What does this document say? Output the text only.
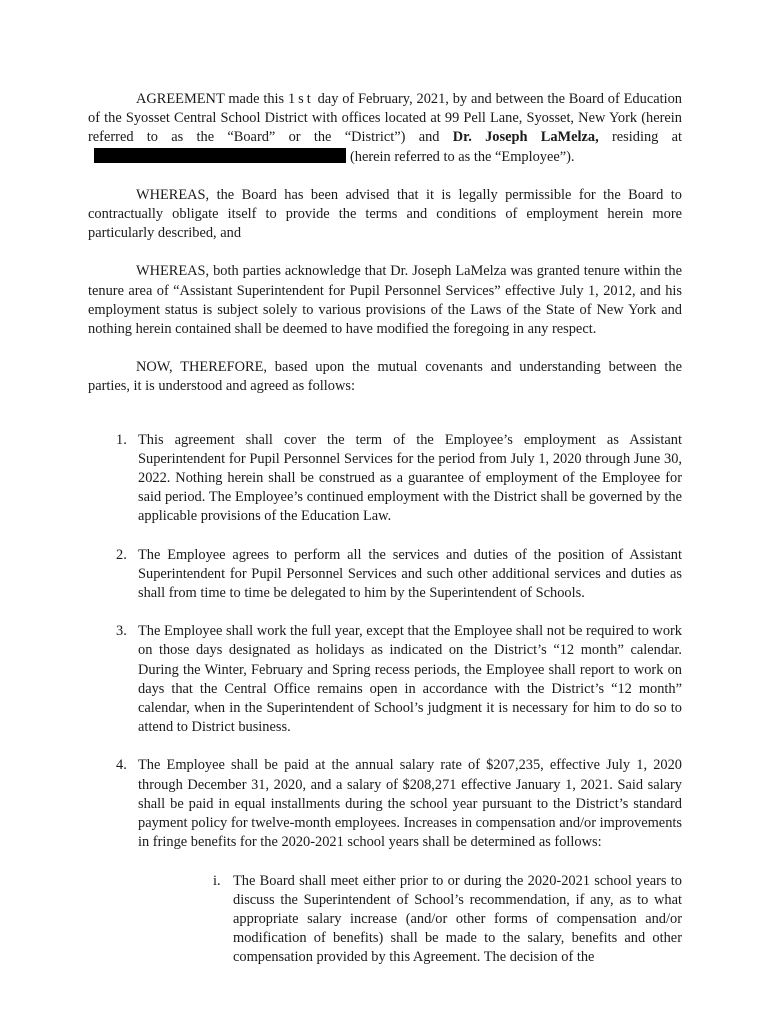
AGREEMENT made this 1st day of February, 2021, by and between the Board of Education of the Syosset Central School District with offices located at 99 Pell Lane, Syosset, New York (herein referred to as the “Board” or the “District”) and Dr. Joseph LaMelza, residing at(herein referred to as the “Employee”).

WHEREAS, the Board has been advised that it is legally permissible for the Board to contractually obligate itself to provide the terms and conditions of employment herein more particularly described, and

WHEREAS, both parties acknowledge that Dr. Joseph LaMelza was granted tenure within the tenure area of “Assistant Superintendent for Pupil Personnel Services” effective July 1, 2012, and his employment status is subject solely to various provisions of the Laws of the State of New York and nothing herein contained shall be deemed to have modified the foregoing in any respect.

NOW, THEREFORE, based upon the mutual covenants and understanding between the parties, it is understood and agreed as follows:

1. This agreement shall cover the term of the Employee’s employment as Assistant Superintendent for Pupil Personnel Services for the period from July 1, 2020 through June 30, 2022. Nothing herein shall be construed as a guarantee of employment of the Employee for said period. The Employee’s continued employment with the District shall be governed by the applicable provisions of the Education Law.

2. The Employee agrees to perform all the services and duties of the position of Assistant Superintendent for Pupil Personnel Services and such other additional services and duties as shall from time to time be delegated to him by the Superintendent of Schools.

3. The Employee shall work the full year, except that the Employee shall not be required to work on those days designated as holidays as indicated on the District’s “12 month” calendar. During the Winter, February and Spring recess periods, the Employee shall report to work on days that the Central Office remains open in accordance with the District’s “12 month” calendar, when in the Superintendent of School’s judgment it is necessary for him to do so to attend to District business.

4. The Employee shall be paid at the annual salary rate of $207,235, effective July 1, 2020 through December 31, 2020, and a salary of $208,271 effective January 1, 2021. Said salary shall be paid in equal installments during the school year pursuant to the District’s standard payment policy for twelve-month employees. Increases in compensation and/or improvements in fringe benefits for the 2020-2021 school years shall be determined as follows:

i. The Board shall meet either prior to or during the 2020-2021 school years to discuss the Superintendent of School’s recommendation, if any, as to what appropriate salary increase (and/or other forms of compensation and/or modification of benefits) shall be made to the salary, benefits and other compensation provided by this Agreement. The decision of the
